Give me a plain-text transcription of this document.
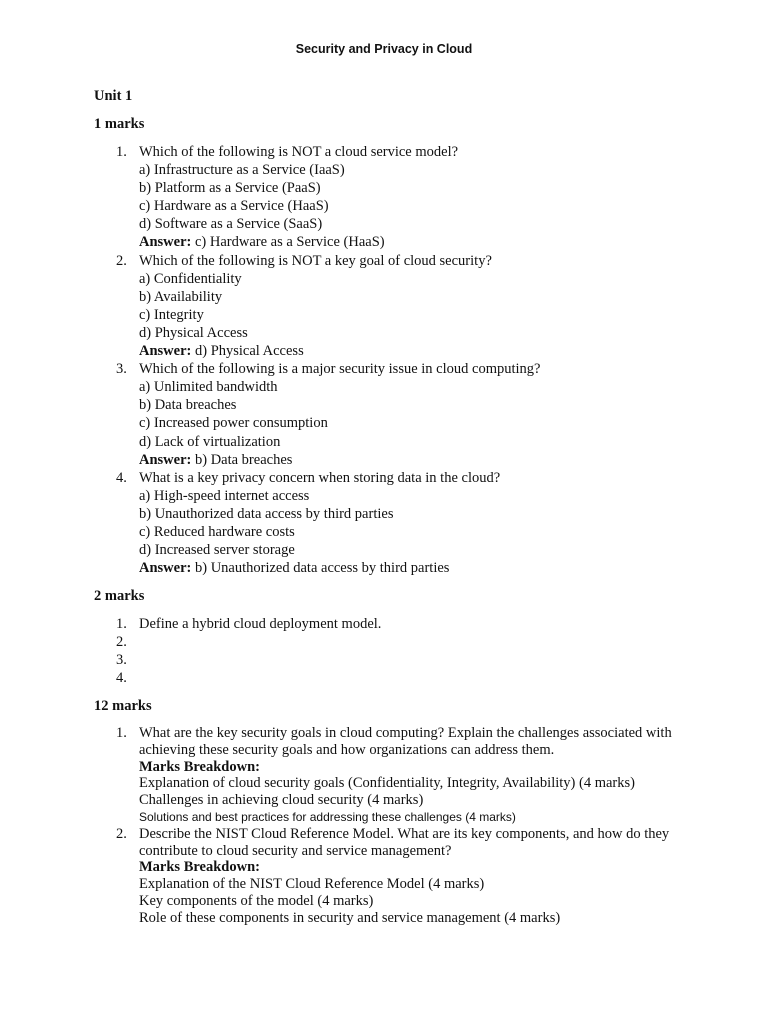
Security and Privacy in Cloud
Unit 1
1 marks
1. Which of the following is NOT a cloud service model?
a) Infrastructure as a Service (IaaS)
b) Platform as a Service (PaaS)
c) Hardware as a Service (HaaS)
d) Software as a Service (SaaS)
Answer: c) Hardware as a Service (HaaS)
2. Which of the following is NOT a key goal of cloud security?
a) Confidentiality
b) Availability
c) Integrity
d) Physical Access
Answer: d) Physical Access
3. Which of the following is a major security issue in cloud computing?
a) Unlimited bandwidth
b) Data breaches
c) Increased power consumption
d) Lack of virtualization
Answer: b) Data breaches
4. What is a key privacy concern when storing data in the cloud?
a) High-speed internet access
b) Unauthorized data access by third parties
c) Reduced hardware costs
d) Increased server storage
Answer: b) Unauthorized data access by third parties
2 marks
1. Define a hybrid cloud deployment model.
2.
3.
4.
12 marks
1. What are the key security goals in cloud computing? Explain the challenges associated with achieving these security goals and how organizations can address them.
Marks Breakdown:
Explanation of cloud security goals (Confidentiality, Integrity, Availability) (4 marks)
Challenges in achieving cloud security (4 marks)
Solutions and best practices for addressing these challenges (4 marks)
2. Describe the NIST Cloud Reference Model. What are its key components, and how do they contribute to cloud security and service management?
Marks Breakdown:
Explanation of the NIST Cloud Reference Model (4 marks)
Key components of the model (4 marks)
Role of these components in security and service management (4 marks)
